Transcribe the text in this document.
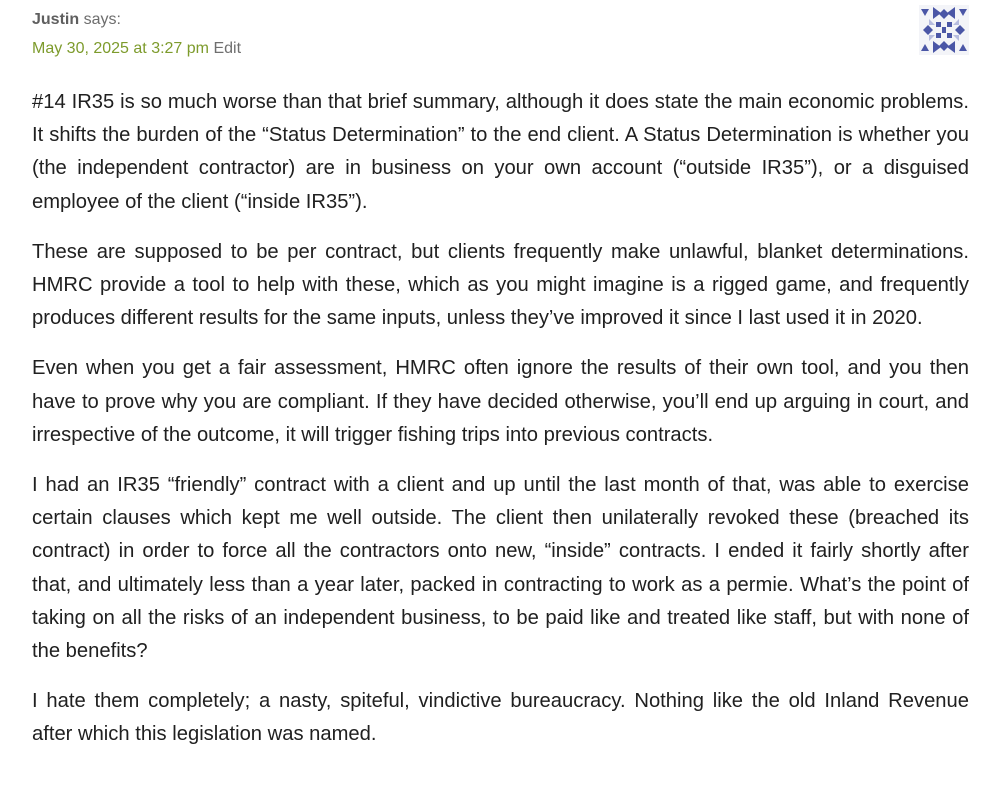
Justin says:
May 30, 2025 at 3:27 pm Edit

#14 IR35 is so much worse than that brief summary, although it does state the main economic problems. It shifts the burden of the “Status Determination” to the end client. A Status Determination is whether you (the independent contractor) are in business on your own account (“outside IR35”), or a disguised employee of the client (“inside IR35”).

These are supposed to be per contract, but clients frequently make unlawful, blanket determinations. HMRC provide a tool to help with these, which as you might imagine is a rigged game, and frequently produces different results for the same inputs, unless they’ve improved it since I last used it in 2020.

Even when you get a fair assessment, HMRC often ignore the results of their own tool, and you then have to prove why you are compliant. If they have decided otherwise, you’ll end up arguing in court, and irrespective of the outcome, it will trigger fishing trips into previous contracts.

I had an IR35 “friendly” contract with a client and up until the last month of that, was able to exercise certain clauses which kept me well outside. The client then unilaterally revoked these (breached its contract) in order to force all the contractors onto new, “inside” contracts. I ended it fairly shortly after that, and ultimately less than a year later, packed in contracting to work as a permie. What’s the point of taking on all the risks of an independent business, to be paid like and treated like staff, but with none of the benefits?

I hate them completely; a nasty, spiteful, vindictive bureaucracy. Nothing like the old Inland Revenue after which this legislation was named.
